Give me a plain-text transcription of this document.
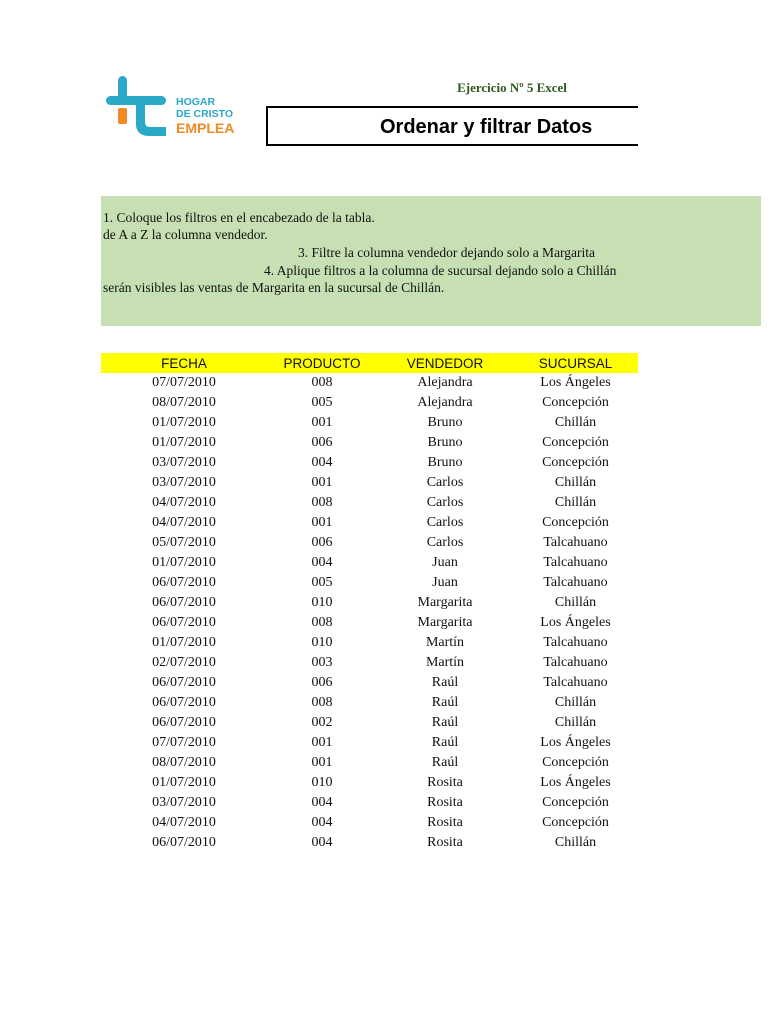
HOGAR
DE CRISTO
EMPLEA
Ejercicio Nº 5 Excel
Ordenar y filtrar Datos
1. Coloque los filtros en el encabezado de la tabla.
de A a Z la columna vendedor.
3. Filtre la columna vendedor dejando solo a Margarita
4. Aplique filtros a la columna de sucursal dejando solo a Chillán
serán visibles las ventas de Margarita en la sucursal de Chillán.
FECHA	PRODUCTO	VENDEDOR	SUCURSAL
07/07/2010	008	Alejandra	Los Ángeles
08/07/2010	005	Alejandra	Concepción
01/07/2010	001	Bruno	Chillán
01/07/2010	006	Bruno	Concepción
03/07/2010	004	Bruno	Concepción
03/07/2010	001	Carlos	Chillán
04/07/2010	008	Carlos	Chillán
04/07/2010	001	Carlos	Concepción
05/07/2010	006	Carlos	Talcahuano
01/07/2010	004	Juan	Talcahuano
06/07/2010	005	Juan	Talcahuano
06/07/2010	010	Margarita	Chillán
06/07/2010	008	Margarita	Los Ángeles
01/07/2010	010	Martín	Talcahuano
02/07/2010	003	Martín	Talcahuano
06/07/2010	006	Raúl	Talcahuano
06/07/2010	008	Raúl	Chillán
06/07/2010	002	Raúl	Chillán
07/07/2010	001	Raúl	Los Ángeles
08/07/2010	001	Raúl	Concepción
01/07/2010	010	Rosita	Los Ángeles
03/07/2010	004	Rosita	Concepción
04/07/2010	004	Rosita	Concepción
06/07/2010	004	Rosita	Chillán
